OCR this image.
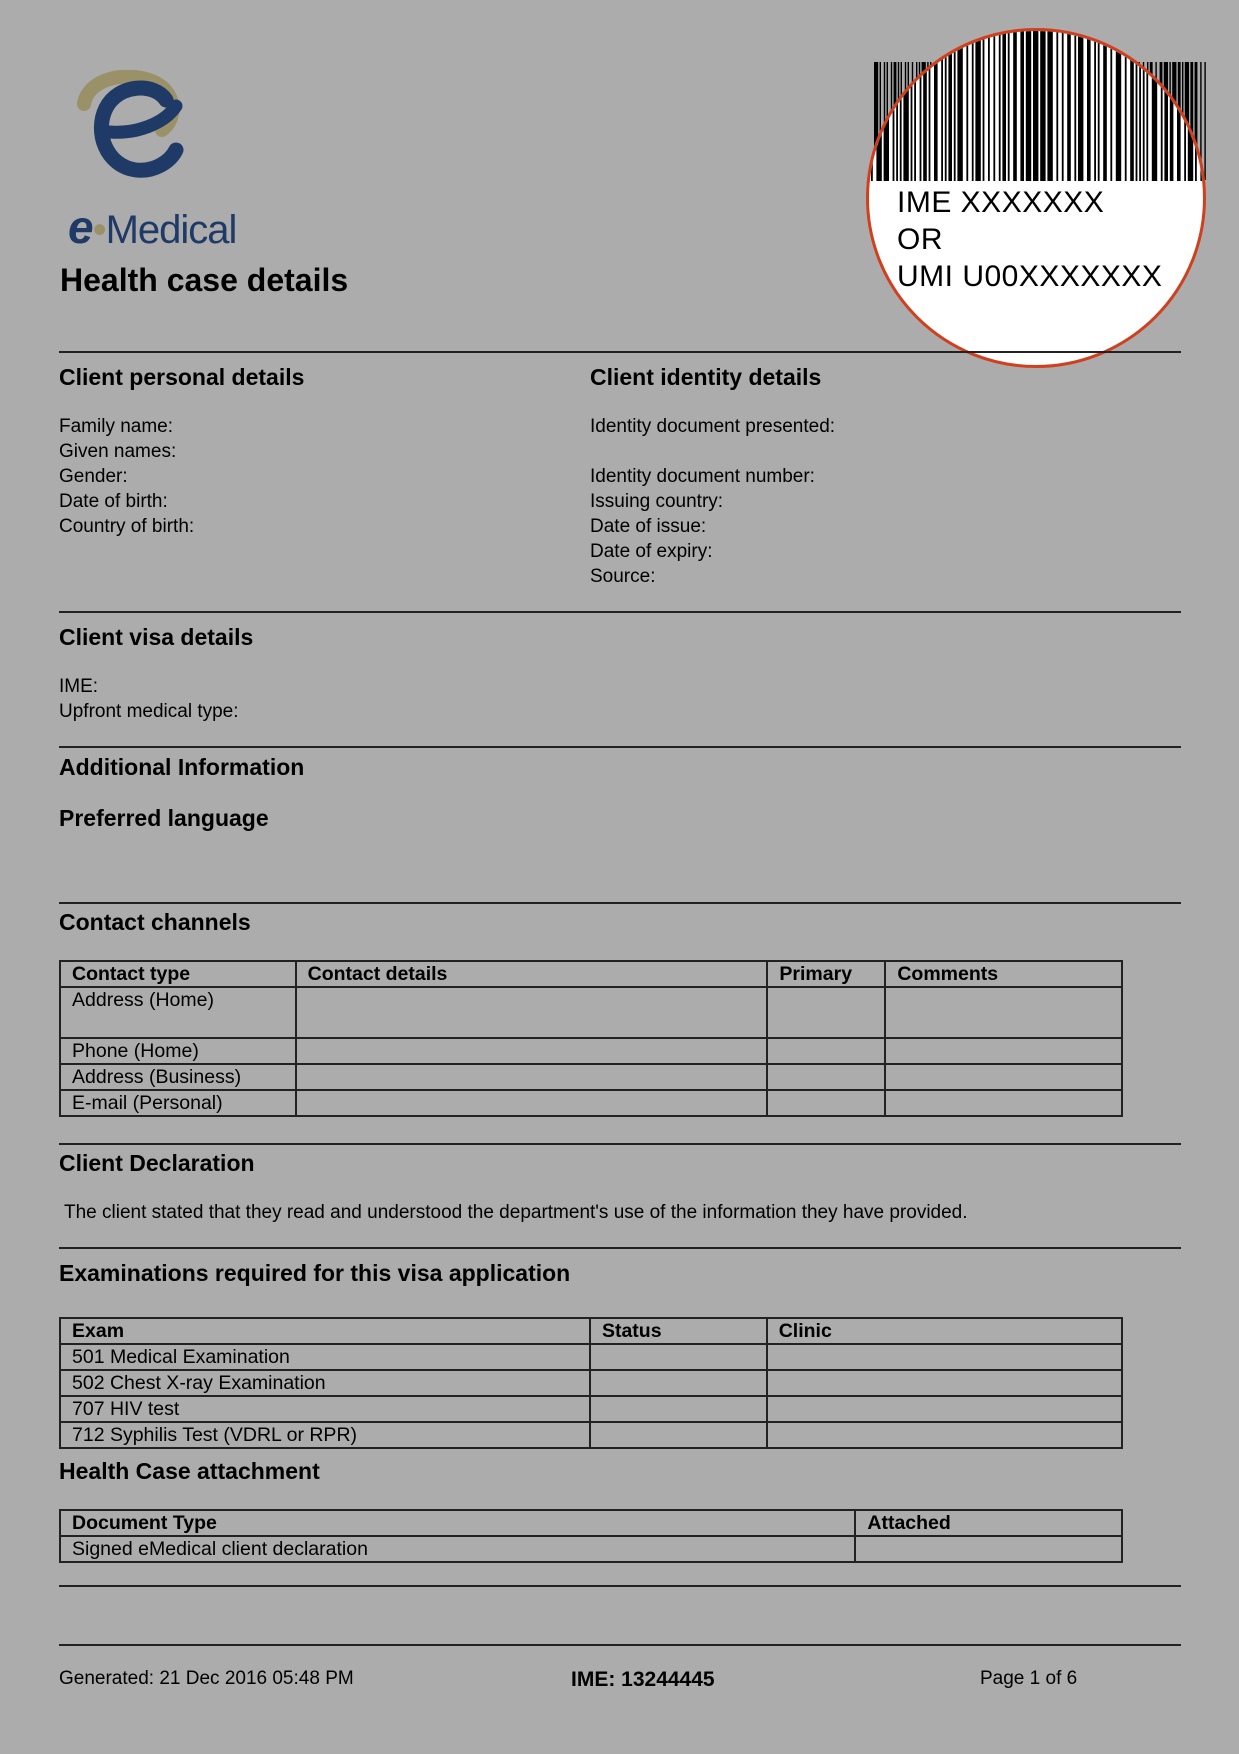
e•Medical
Health case details
IME XXXXXXX
OR
UMI U00XXXXXXX
Client personal details
Family name:
Given names:
Gender:
Date of birth:
Country of birth:
Client identity details
Identity document presented:
Identity document number:
Issuing country:
Date of issue:
Date of expiry:
Source:
Client visa details
IME:
Upfront medical type:
Additional Information
Preferred language
Contact channels
Contact type	Contact details	Primary	Comments
Address (Home)			
Phone (Home)			
Address (Business)			
E-mail (Personal)			
Client Declaration
The client stated that they read and understood the department's use of the information they have provided.
Examinations required for this visa application
Exam	Status	Clinic
501 Medical Examination		
502 Chest X-ray Examination		
707 HIV test		
712 Syphilis Test (VDRL or RPR)		
Health Case attachment
Document Type	Attached
Signed eMedical client declaration	
Generated: 21 Dec 2016 05:48 PM	IME: 13244445	Page 1 of 6
